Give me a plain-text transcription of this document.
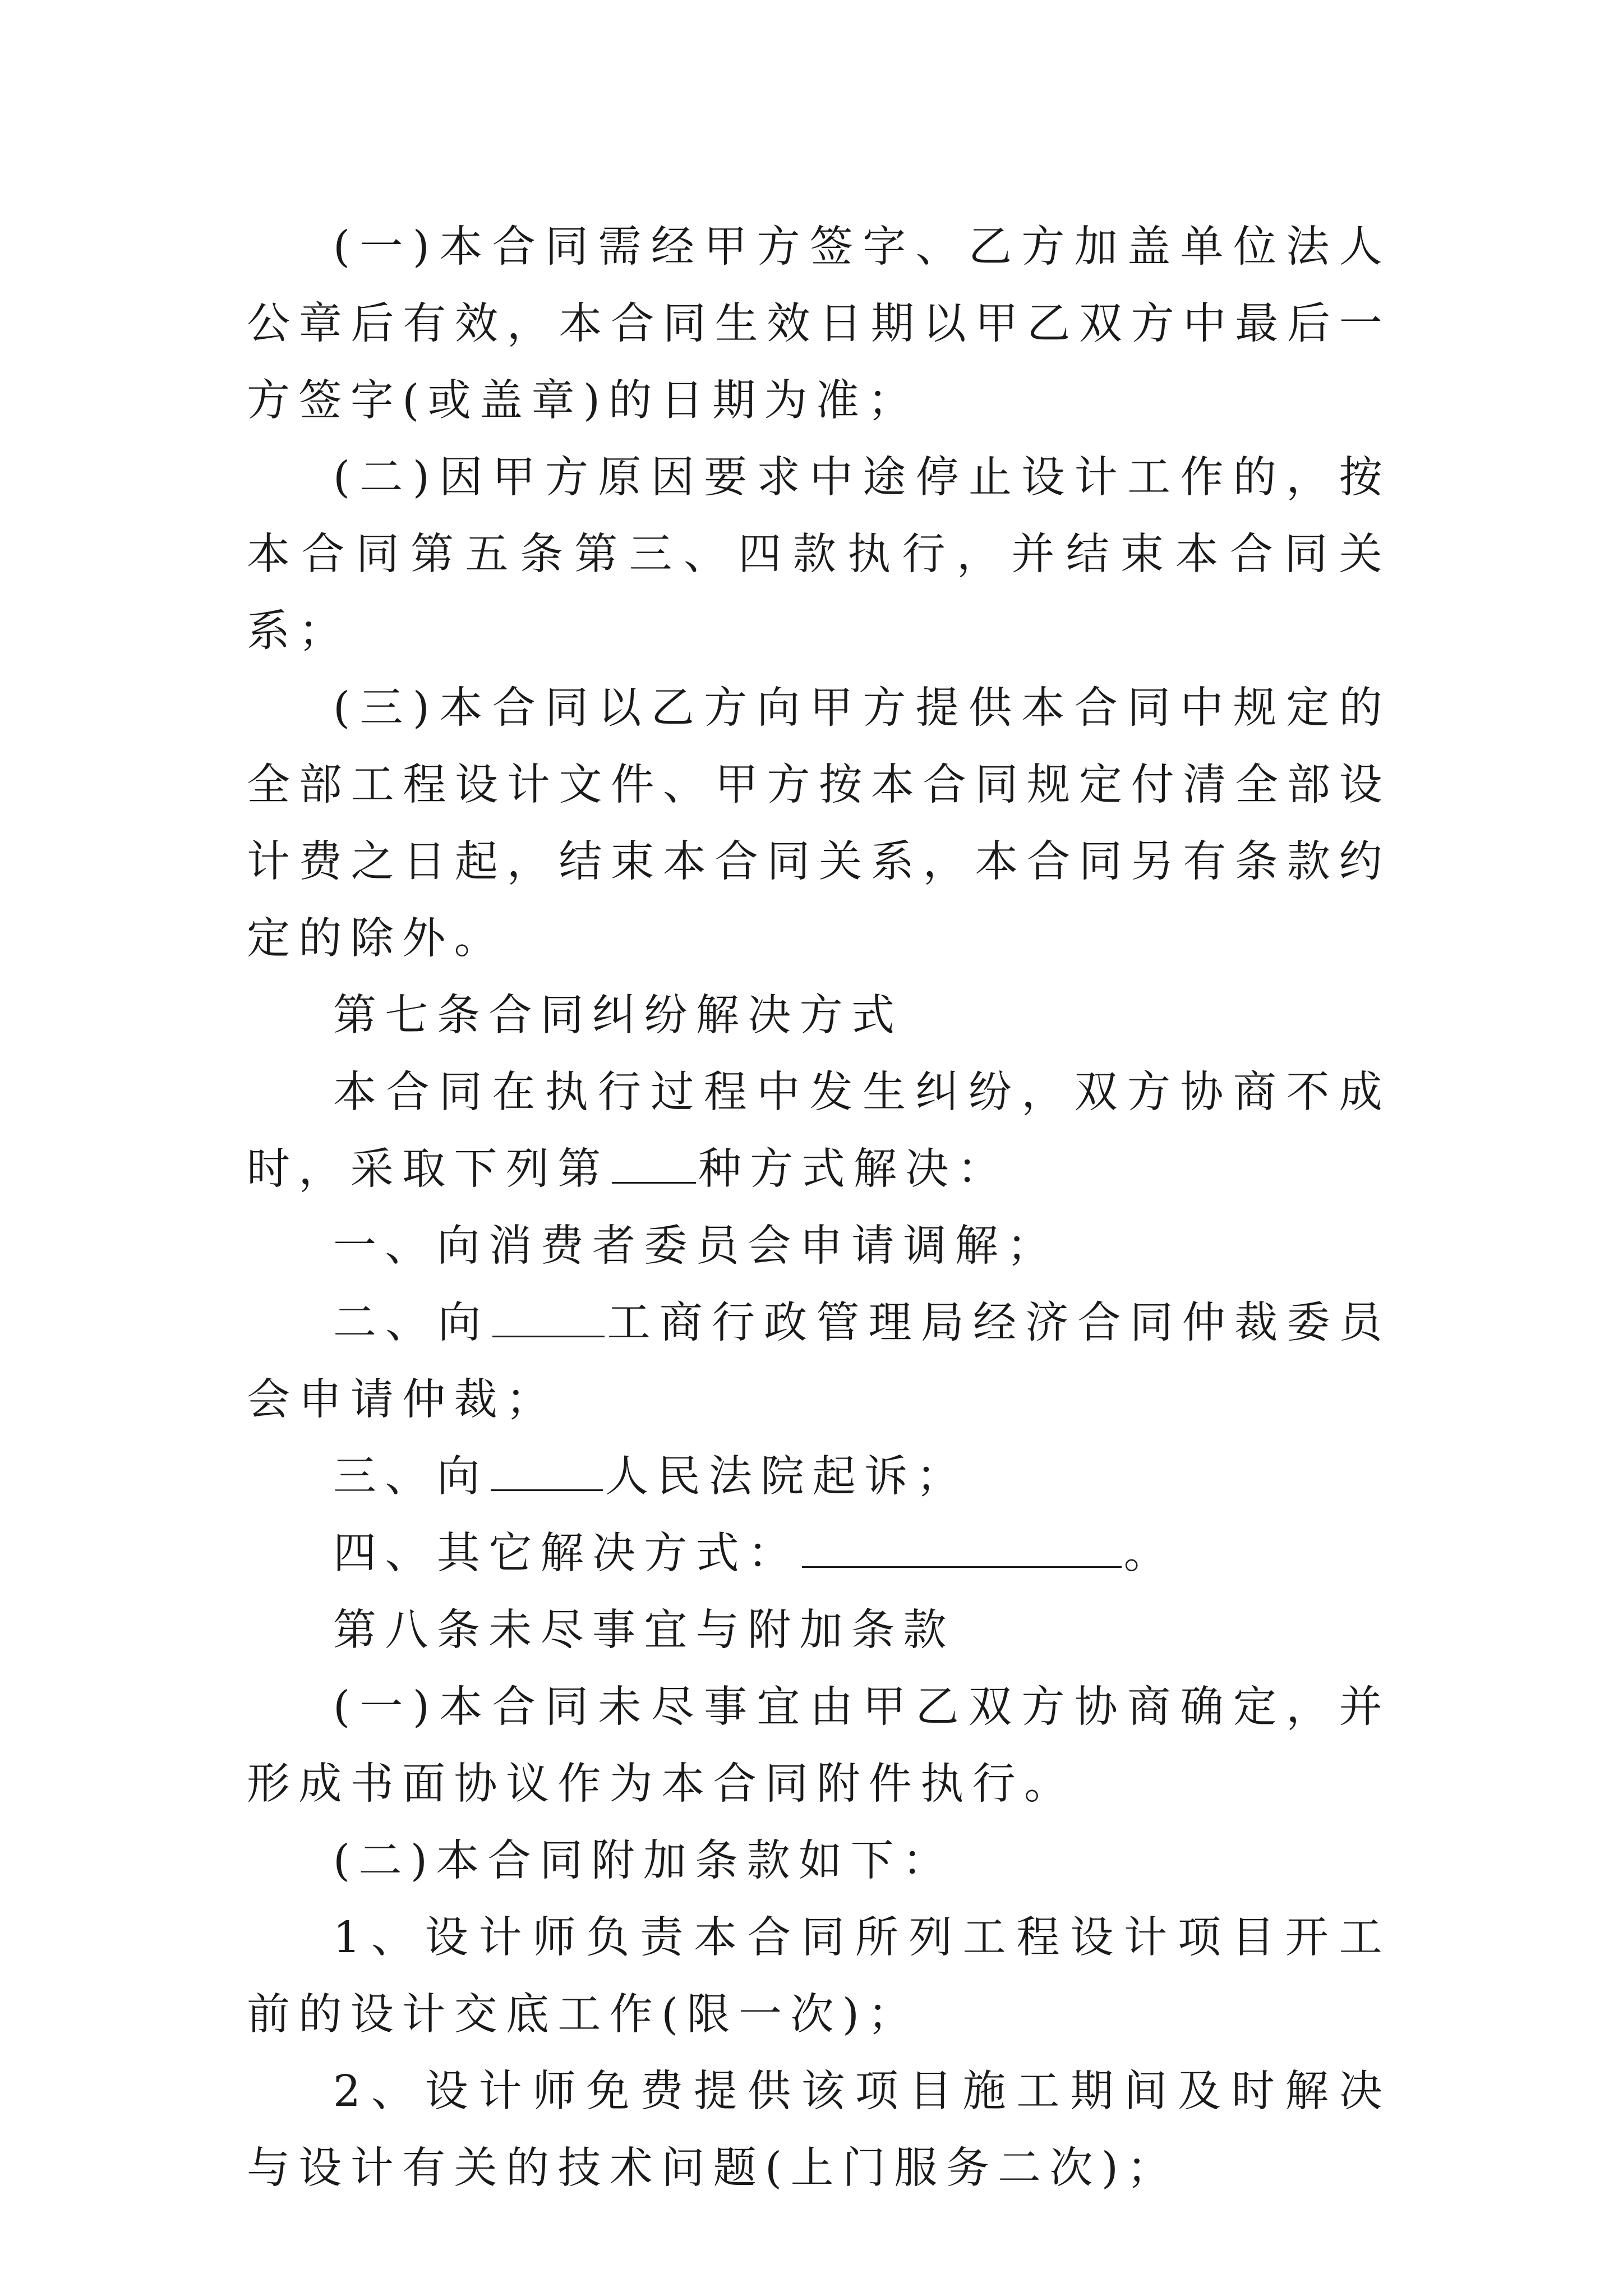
(一)本合同需经甲方签字、乙方加盖单位法人公章后有效，本合同生效日期以甲乙双方中最后一方签字(或盖章)的日期为准；

(二)因甲方原因要求中途停止设计工作的，按本合同第五条第三、四款执行，并结束本合同关系；

(三)本合同以乙方向甲方提供本合同中规定的全部工程设计文件、甲方按本合同规定付清全部设计费之日起，结束本合同关系，本合同另有条款约定的除外。

第七条合同纠纷解决方式

本合同在执行过程中发生纠纷，双方协商不成时，采取下列第 种方式解决：

一、向消费者委员会申请调解；

二、向	工商行政管理局经济合同仲裁委员会申请仲裁；

三、向	人民法院起诉；

四、其它解决方式：	。

第八条未尽事宜与附加条款

(一)本合同未尽事宜由甲乙双方协商确定，并形成书面协议作为本合同附件执行。

(二)本合同附加条款如下：

1、设计师负责本合同所列工程设计项目开工前的设计交底工作(限一次)；

2、设计师免费提供该项目施工期间及时解决与设计有关的技术问题(上门服务二次)；
